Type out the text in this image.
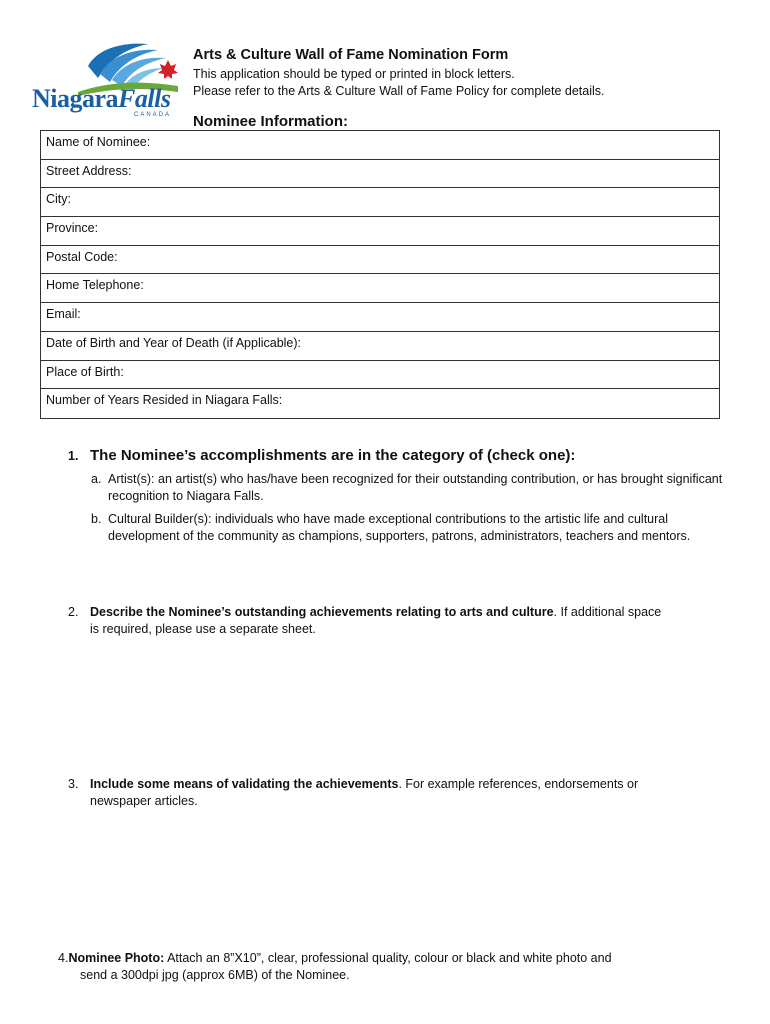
NiagaraFalls
CANADA
Arts & Culture Wall of Fame Nomination Form
This application should be typed or printed in block letters.
Please refer to the Arts & Culture Wall of Fame Policy for complete details.
Nominee Information:
Name of Nominee:
Street Address:
City:
Province:
Postal Code:
Home Telephone:
Email:
Date of Birth and Year of Death (if Applicable):
Place of Birth:
Number of Years Resided in Niagara Falls:
1. The Nominee’s accomplishments are in the category of (check one):
a. Artist(s): an artist(s) who has/have been recognized for their outstanding contribution, or has brought significant recognition to Niagara Falls.
b. Cultural Builder(s): individuals who have made exceptional contributions to the artistic life and cultural development of the community as champions, supporters, patrons, administrators, teachers and mentors.
2. Describe the Nominee’s outstanding achievements relating to arts and culture. If additional space
is required, please use a separate sheet.
3. Include some means of validating the achievements. For example references, endorsements or
newspaper articles.
4.Nominee Photo: Attach an 8”X10”, clear, professional quality, colour or black and white photo and
send a 300dpi jpg (approx 6MB) of the Nominee.
